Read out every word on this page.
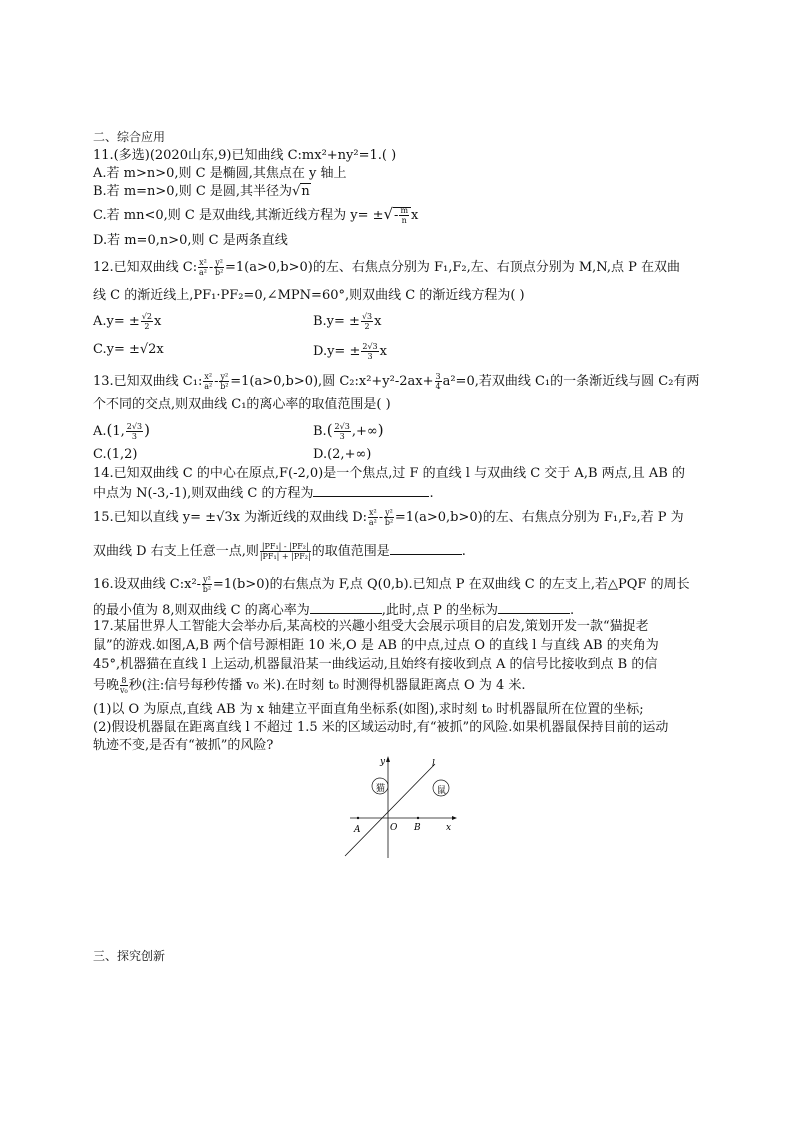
二、综合应用
11.(多选)(2020山东,9)已知曲线 C:mx²+ny²=1.( )
A.若 m>n>0,则 C 是椭圆,其焦点在 y 轴上
B.若 m=n>0,则 C 是圆,其半径为√n
C.若 mn<0,则 C 是双曲线,其渐近线方程为 y= ±√- $\frac{m}{n}$ x
D.若 m=0,n>0,则 C 是两条直线
12.已知双曲线 C: $\frac{\text{x²}}{\text{a²}} - \frac{\text{y²}}{\text{b²}} =1(a>0,b>0)$的左、右焦点分别为 F₁,F₂,左、右顶点分别为 M,N,点 P 在双曲
线 C 的渐近线上,PF₁·PF₂=0,∠MPN=60°,则双曲线 C 的渐近线方程为( )
$A.y= \pm \frac{√2}{2}$ x	$B.y= \pm \frac{√3}{2}$ x
C.y= ±√2x	$D.y= \pm \frac{2√3}{3}$ x
13.已知双曲线 C₁: $\frac{\text{x²}}{\text{a²}} - \frac{\text{y²}}{\text{b²}} =1(a>0,b>0)$,圆 C₂:x²+y²-2ax+ $\frac{3}{4} a^2=0$,若双曲线 C₁的一条渐近线与圆 C₂有两
个不同的交点,则双曲线 C₁的离心率的取值范围是( )
A.(1, $\frac{2√3}{3}$ )	$B.( \frac{2√3}{3}$ ,+∞)
C.(1,2)	D.(2,+∞)
14.已知双曲线 C 的中心在原点,F(-2,0)是一个焦点,过 F 的直线 l 与双曲线 C 交于 A,B 两点,且 AB 的
中点为 N(-3,-1),则双曲线 C 的方程为	.
15.已知以直线 y= ±√3x 为渐近线的双曲线 D: $\frac{\text{x²}}{\text{a²}} - \frac{\text{y²}}{\text{b²}} =1(a>0,b>0)$的左、右焦点分别为 F₁,F₂,若 P 为
双曲线 D 右支上任意一点,则 $\frac{\text{|PF₁| - |PF₂|}}{\text{|PF₁| + |PF₂|}}$ 的取值范围是	.
16.设双曲线 C:x²- $\frac{\text{y²}}{\text{b²}} =1(b>0)$的右焦点为 F,点 Q(0,b).已知点 P 在双曲线 C 的左支上,若△PQF 的周长
的最小值为 8,则双曲线 C 的离心率为	,此时,点 P 的坐标为	.
17.某届世界人工智能大会举办后,某高校的兴趣小组受大会展示项目的启发,策划开发一款“猫捉老
鼠”的游戏.如图,A,B 两个信号源相距 10 米,O 是 AB 的中点,过点 O 的直线 l 与直线 AB 的夹角为
45°,机器猫在直线 l 上运动,机器鼠沿某一曲线运动,且始终有接收到点 A 的信号比接收到点 B 的信
号晚 $\frac{8}{\text{v₀}}$ 秒(注:信号每秒传播 v₀ 米).在时刻 t₀ 时测得机器鼠距离点 O 为 4 米.
(1)以 O 为原点,直线 AB 为 x 轴建立平面直角坐标系(如图),求时刻 t₀ 时机器鼠所在位置的坐标;
(2)假设机器鼠在距离直线 l 不超过 1.5 米的区域运动时,有“被抓”的风险.如果机器鼠保持目前的运动
轨迹不变,是否有“被抓”的风险?
猫	鼠
y
x
l
A	O B
三、探究创新
